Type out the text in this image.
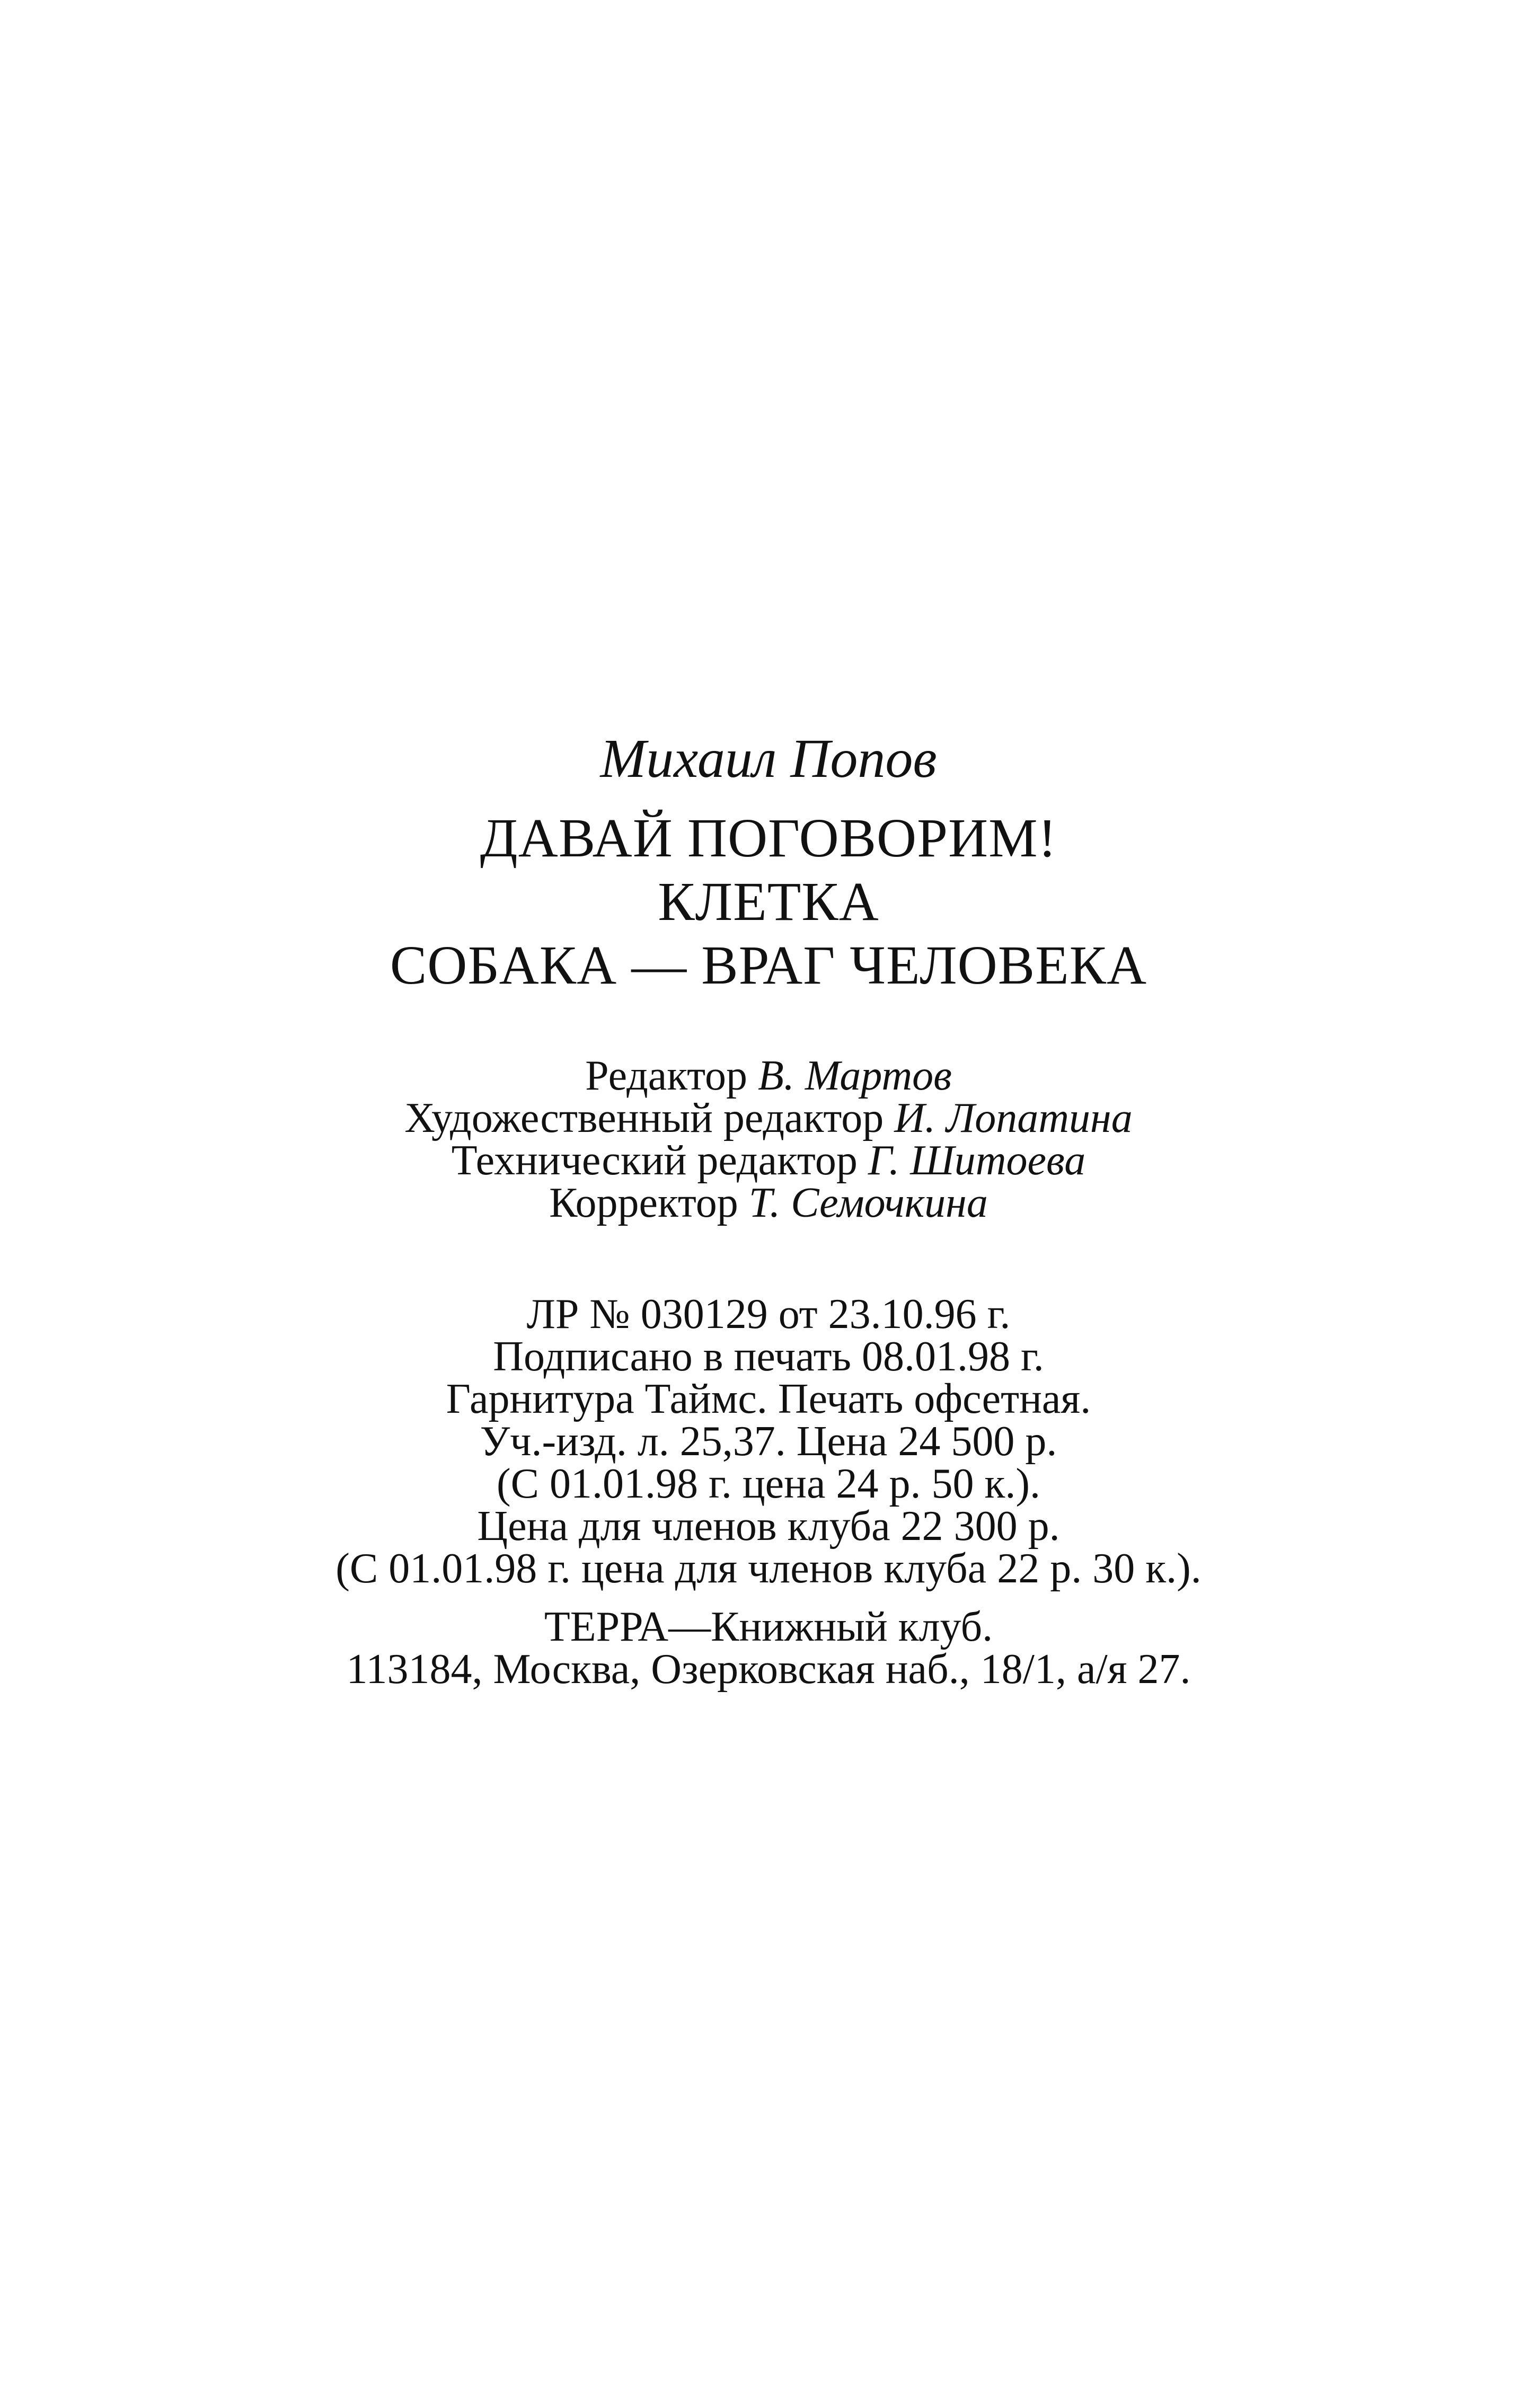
Михаил Попов
ДАВАЙ ПОГОВОРИМ!
КЛЕТКА
СОБАКА — ВРАГ ЧЕЛОВЕКА
Редактор В. Мартов
Художественный редактор И. Лопатина
Технический редактор Г. Шитоева
Корректор Т. Семочкина
ЛР № 030129 от 23.10.96 г.
Подписано в печать 08.01.98 г.
Гарнитура Таймс. Печать офсетная.
Уч.-изд. л. 25,37. Цена 24 500 р.
(С 01.01.98 г. цена 24 р. 50 к.).
Цена для членов клуба 22 300 р.
(С 01.01.98 г. цена для членов клуба 22 р. 30 к.).
ТЕРРА—Книжный клуб.
113184, Москва, Озерковская наб., 18/1, а/я 27.
